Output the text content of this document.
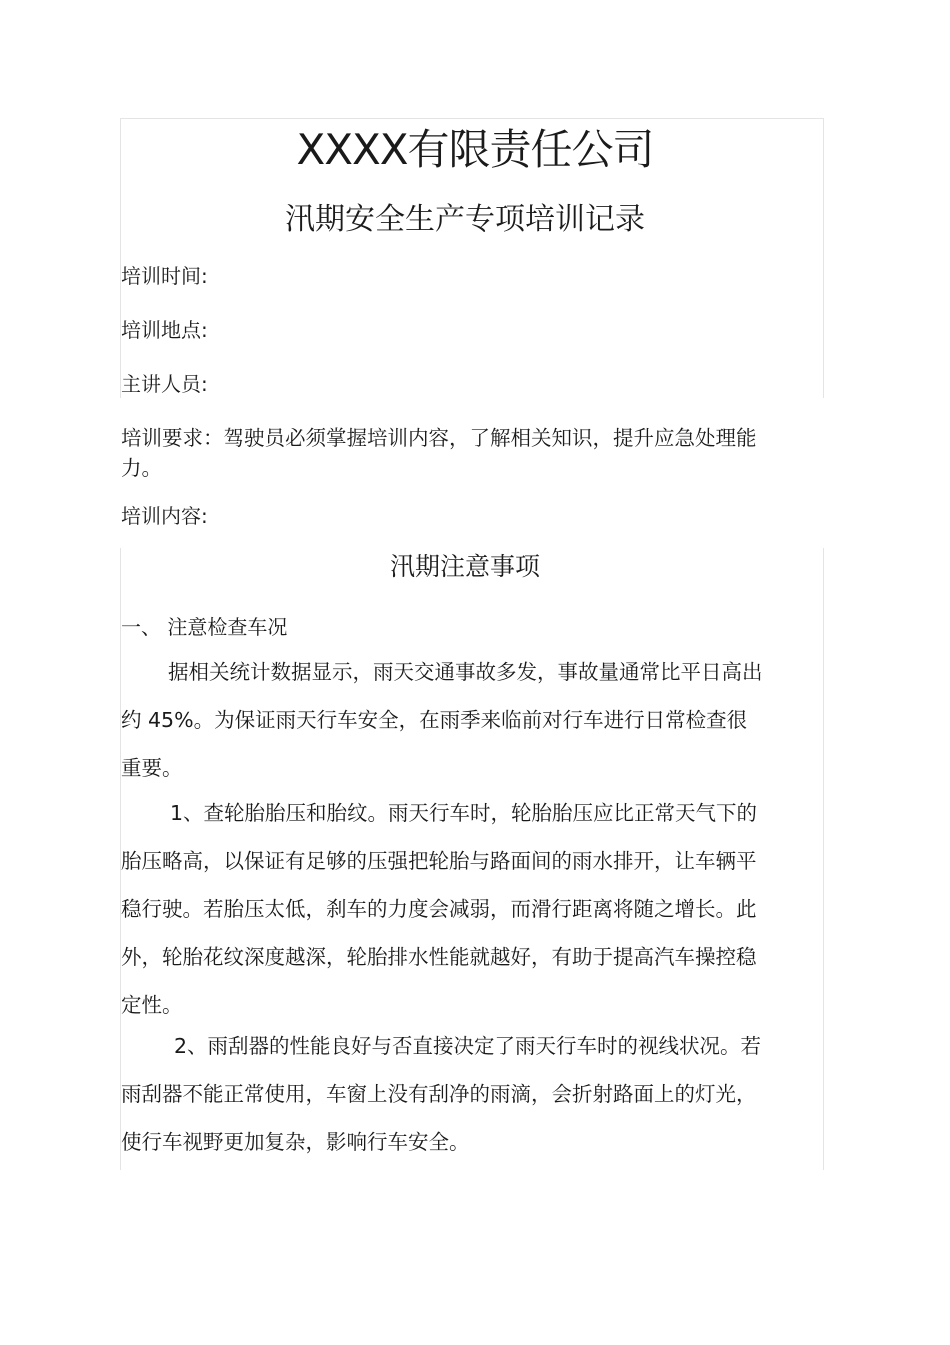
XXXX有限责任公司
汛期安全生产专项培训记录
培训时间:
培训地点:
主讲人员:
培训要求：驾驶员必须掌握培训内容，了解相关知识，提升应急处理能力。
培训内容:
汛期注意事项
一、 注意检查车况
据相关统计数据显示，雨天交通事故多发，事故量通常比平日高出约 45%。为保证雨天行车安全，在雨季来临前对行车进行日常检查很重要。
1、查轮胎胎压和胎纹。雨天行车时，轮胎胎压应比正常天气下的胎压略高，以保证有足够的压强把轮胎与路面间的雨水排开，让车辆平稳行驶。若胎压太低，刹车的力度会减弱，而滑行距离将随之增长。此外，轮胎花纹深度越深，轮胎排水性能就越好，有助于提高汽车操控稳定性。
2、雨刮器的性能良好与否直接决定了雨天行车时的视线状况。若雨刮器不能正常使用，车窗上没有刮净的雨滴，会折射路面上的灯光，使行车视野更加复杂，影响行车安全。
